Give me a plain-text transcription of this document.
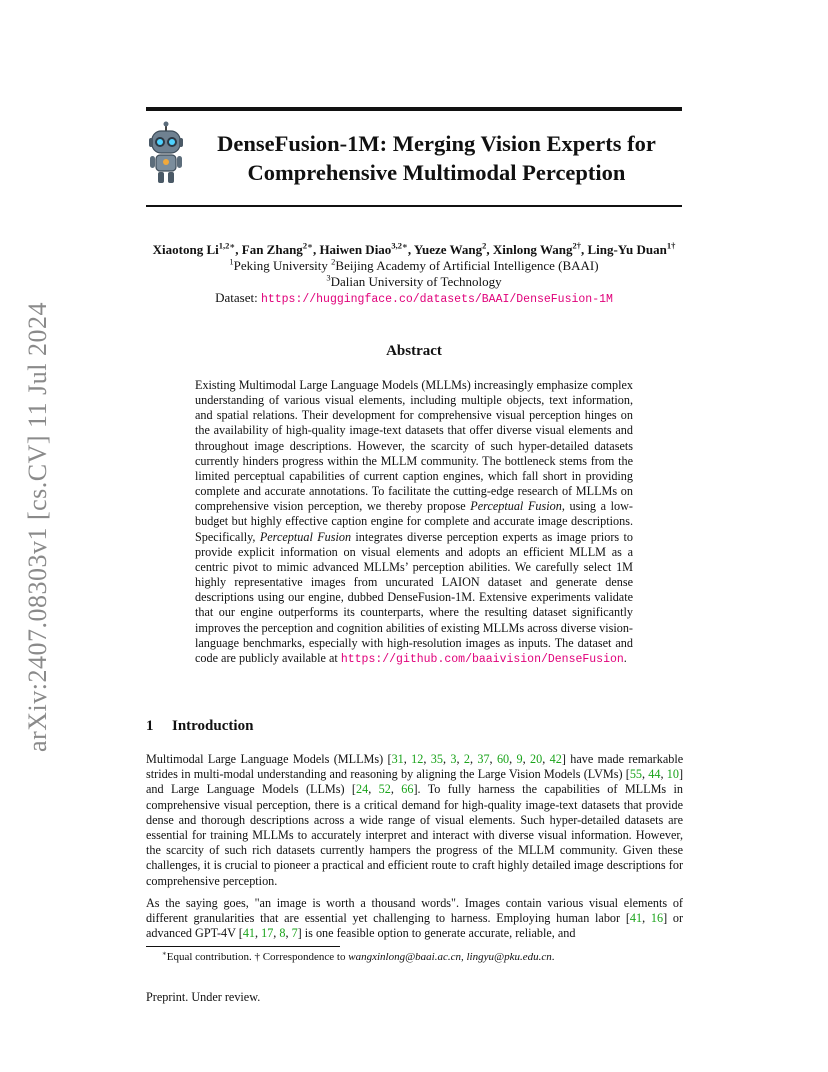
arXiv:2407.08303v1 [cs.CV] 11 Jul 2024
DenseFusion-1M: Merging Vision Experts for
Comprehensive Multimodal Perception
Xiaotong $Li^{1,2∗}$, Fan Zhang$^{2∗}$, Haiwen Diao$^{3,2∗}$, Yueze Wang$^2$, Xinlong Wang$^{2\dagger}$, Ling-Yu Duan$^{1\dagger}$
$^1$Peking University $^2$Beijing Academy of Artificial Intelligence (BAAI)
$^3$Dalian University of Technology
Dataset: https://huggingface.co/datasets/BAAI/DenseFusion-1M
Abstract
Existing Multimodal Large Language Models (MLLMs) increasingly emphasize complex understanding of various visual elements, including multiple objects, text information, and spatial relations. Their development for comprehensive visual perception hinges on the availability of high-quality image-text datasets that offer diverse visual elements and throughout image descriptions. However, the scarcity of such hyper-detailed datasets currently hinders progress within the MLLM community. The bottleneck stems from the limited perceptual capabilities of current caption engines, which fall short in providing complete and accurate annotations. To facilitate the cutting-edge research of MLLMs on comprehensive vision perception, we thereby propose Perceptual Fusion, using a low-budget but highly effective caption engine for complete and accurate image descriptions. Specifically, Perceptual Fusion integrates diverse perception experts as image priors to provide explicit information on visual elements and adopts an efficient MLLM as a centric pivot to mimic advanced MLLMs’ perception abilities. We carefully select 1M highly representative images from uncurated LAION dataset and generate dense descriptions using our engine, dubbed DenseFusion-1M. Extensive experiments validate that our engine outperforms its counterparts, where the resulting dataset significantly improves the perception and cognition abilities of existing MLLMs across diverse vision-language benchmarks, especially with high-resolution images as inputs. The dataset and code are publicly available at https://github.com/baaivision/DenseFusion.
1 Introduction

Multimodal Large Language Models (MLLMs) [31, 12, 35, 3, 2, 37, 60, 9, 20, 42] have made remarkable strides in multi-modal understanding and reasoning by aligning the Large Vision Models (LVMs) [55, 44, 10] and Large Language Models (LLMs) [24, 52, 66]. To fully harness the capabilities of MLLMs in comprehensive visual perception, there is a critical demand for high-quality image-text datasets that provide dense and thorough descriptions across a wide range of visual elements. Such hyper-detailed datasets are essential for training MLLMs to accurately interpret and interact with diverse visual information. However, the scarcity of such rich datasets currently hampers the progress of the MLLM community. Given these challenges, it is crucial to pioneer a practical and efficient route to craft highly detailed image descriptions for comprehensive perception.

As the saying goes, "an image is worth a thousand words". Images contain various visual elements of different granularities that are essential yet challenging to harness. Employing human labor [41, 16] or advanced GPT-4V [41, 17, 8, 7] is one feasible option to generate accurate, reliable, and

∗Equal contribution. † Correspondence to wangxinlong@baai.ac.cn, lingyu@pku.edu.cn.
Preprint. Under review.
